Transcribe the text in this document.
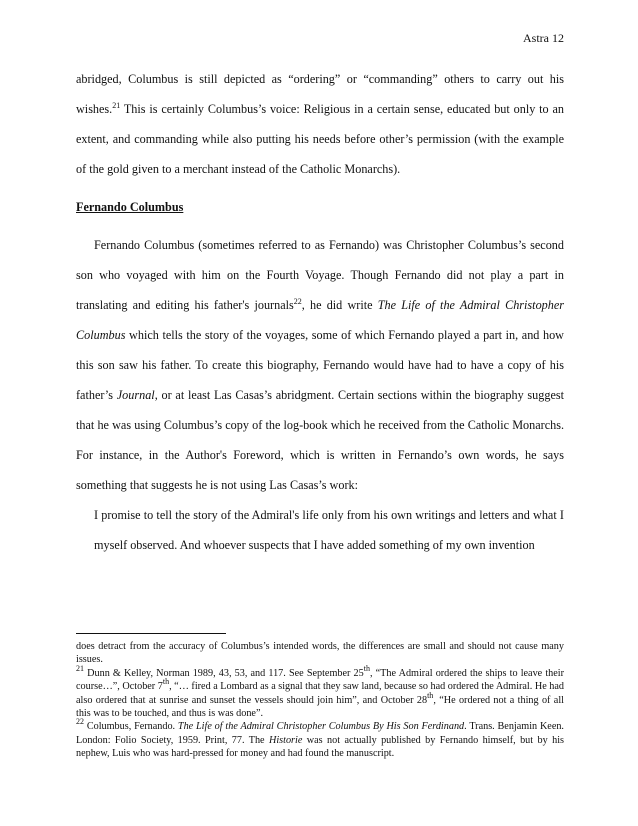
Astra 12

abridged, Columbus is still depicted as “ordering” or “commanding” others to carry out his wishes.$^{21}$ This is certainly Columbus’s voice: Religious in a certain sense, educated but only to an extent, and commanding while also putting his needs before other’s permission (with the example of the gold given to a merchant instead of the Catholic Monarchs).

Fernando Columbus

Fernando Columbus (sometimes referred to as Fernando) was Christopher Columbus’s second son who voyaged with him on the Fourth Voyage. Though Fernando did not play a part in translating and editing his father's journals$^{22}$, he did write The Life of the Admiral Christopher Columbus which tells the story of the voyages, some of which Fernando played a part in, and how this son saw his father. To create this biography, Fernando would have had to have a copy of his father’s Journal, or at least Las Casas’s abridgment. Certain sections within the biography suggest that he was using Columbus’s copy of the log-book which he received from the Catholic Monarchs. For instance, in the Author's Foreword, which is written in Fernando’s own words, he says something that suggests he is not using Las Casas’s work:

I promise to tell the story of the Admiral's life only from his own writings and letters and what I myself observed. And whoever suspects that I have added something of my own invention

does detract from the accuracy of Columbus’s intended words, the differences are small and should not cause many issues.

$^{21}$ Dunn & Kelley, Norman 1989, 43, 53, and 117. See September 25th, “The Admiral ordered the ships to leave their course…”, October 7th, “… fired a Lombard as a signal that they saw land, because so had ordered the Admiral. He had also ordered that at sunrise and sunset the vessels should join him”, and October 28th, “He ordered not a thing of all this was to be touched, and thus is was done”.

$^{22}$ Columbus, Fernando. The Life of the Admiral Christopher Columbus By His Son Ferdinand. Trans. Benjamin Keen. London: Folio Society, 1959. Print, 77. The Historie was not actually published by Fernando himself, but by his nephew, Luis who was hard-pressed for money and had found the manuscript.
